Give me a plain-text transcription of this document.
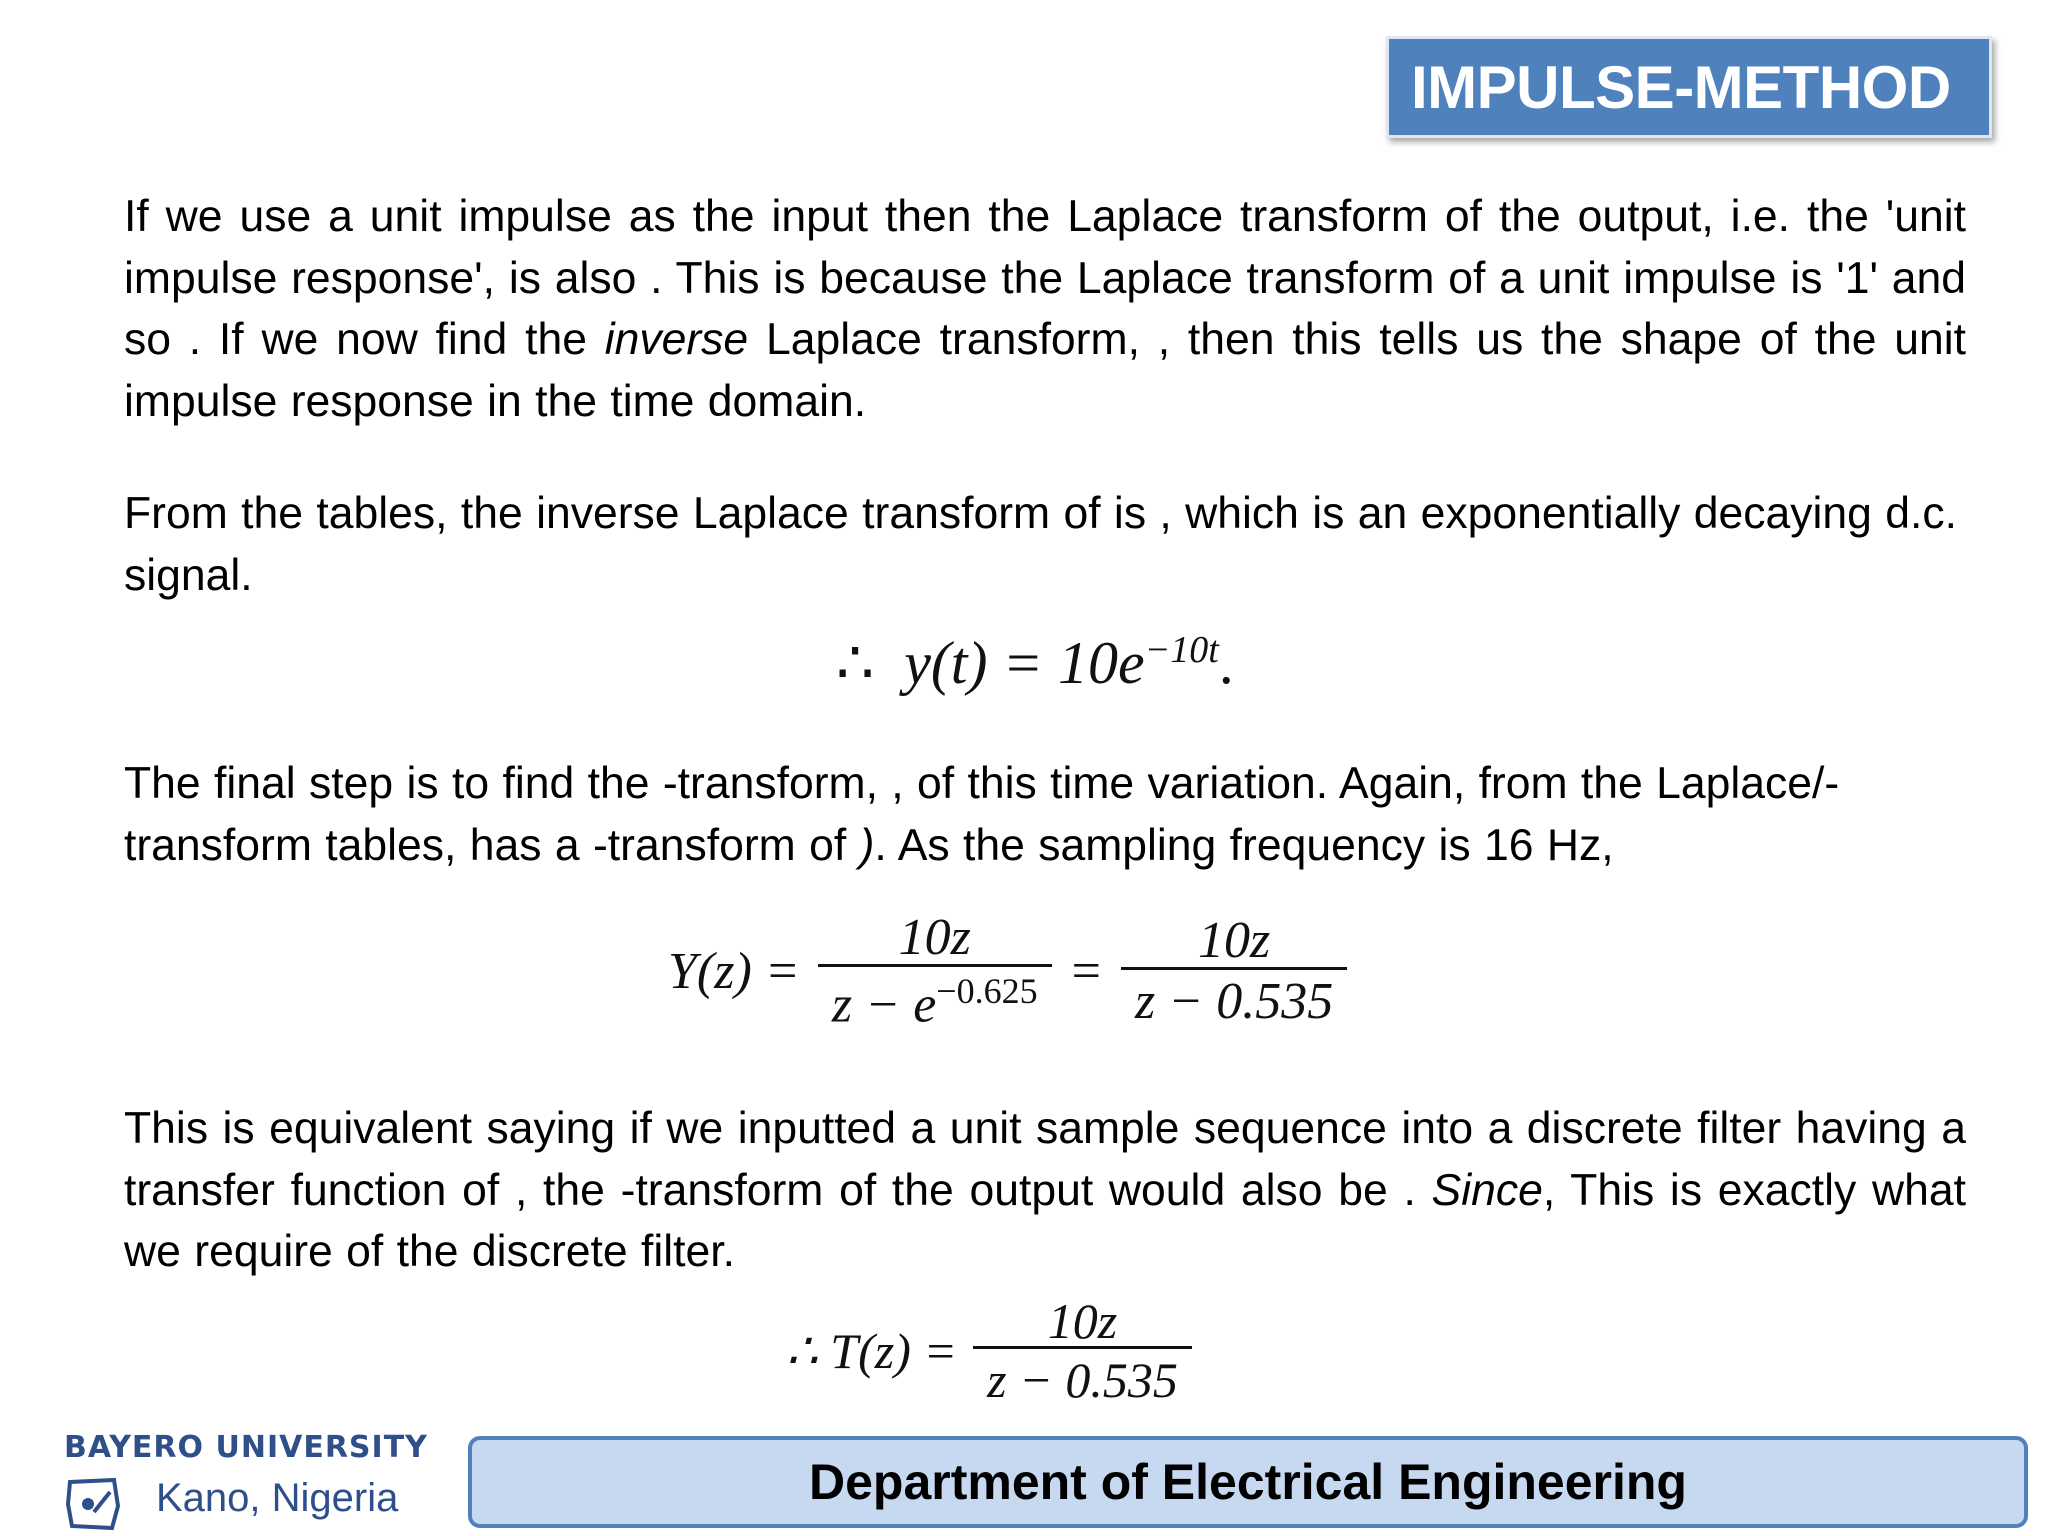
IMPULSE-METHOD

If we use a unit impulse as the input then the Laplace transform of the output, i.e. the 'unit impulse response', is also . This is because the Laplace transform of a unit impulse is '1' and so . If we now find the inverse Laplace transform, , then this tells us the shape of the unit impulse response in the time domain.

From the tables, the inverse Laplace transform of is , which is an exponentially decaying d.c. signal.

∴ $y(t) = 10e^{-10t}$.

The final step is to find the -transform, , of this time variation. Again, from the Laplace/-transform tables, has a -transform of ). As the sampling frequency is 16 Hz,

$Y(z) = \frac{10z}{z - e^{-0.625}} = \frac{10z}{z - 0.535}$

This is equivalent saying if we inputted a unit sample sequence into a discrete filter having a transfer function of , the -transform of the output would also be . Since, This is exactly what we require of the discrete filter.

∴ $T(z) = \frac{10z}{z - 0.535}$
BAYERO UNIVERSITY
Kano, Nigeria	Department of Electrical Engineering
